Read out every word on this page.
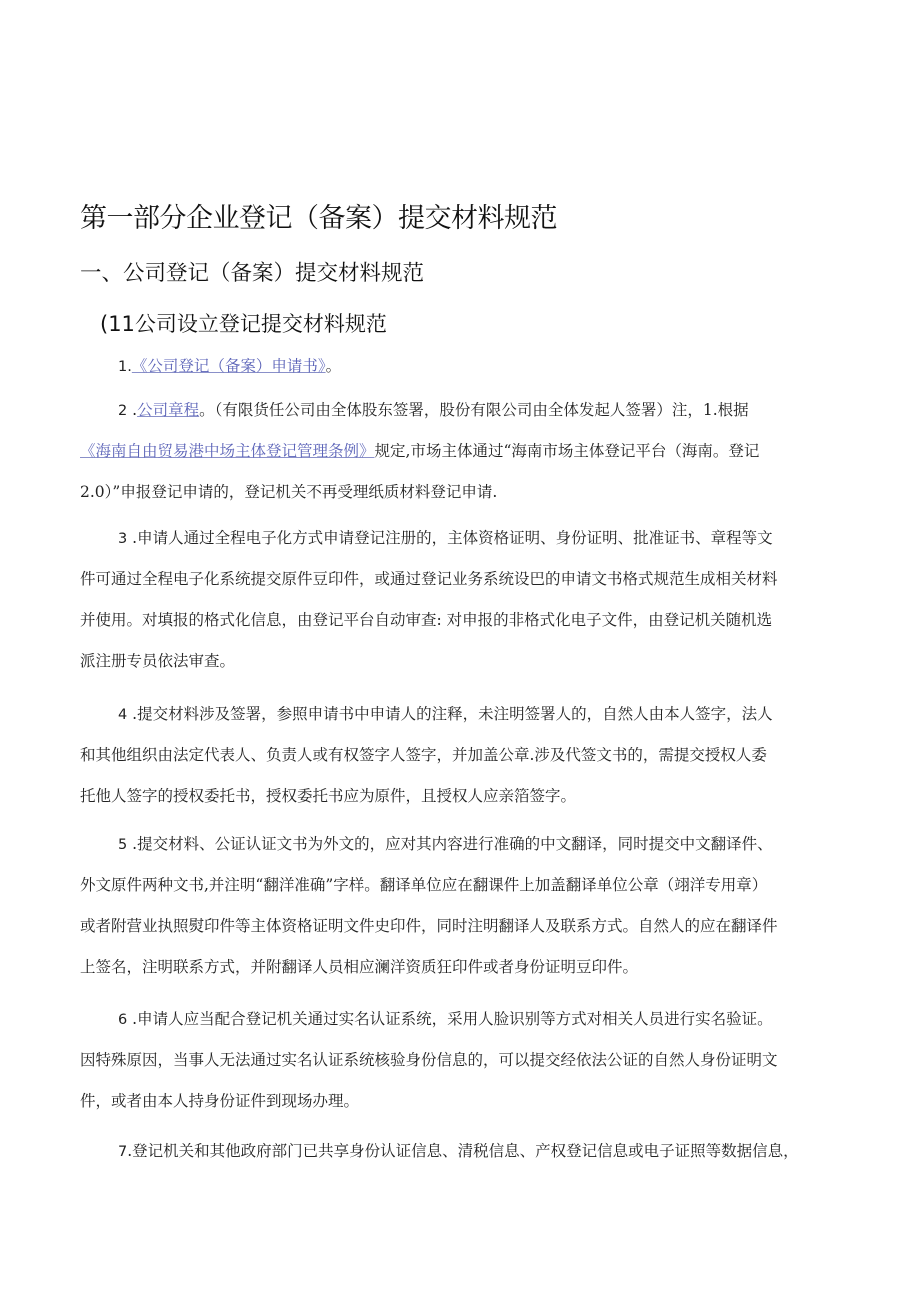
第一部分企业登记（备案）提交材料规范
一、公司登记（备案）提交材料规范
(11公司设立登记提交材料规范
1.《公司登记（备案）申请书》。
2 .公司章程。（有限货任公司由全体股东签署，股份有限公司由全体发起人签署）注，1.根据
《海南自由贸易港中场主体登记管理条例》规定,市场主体通过“海南市场主体登记平台（海南。登记
2.0）”申报登记申请的，登记机关不再受理纸质材料登记申请.
3 .申请人通过全程电子化方式申请登记注册的，主体资格证明、身份证明、批准证书、章程等文
件可通过全程电子化系统提交原件豆印件，或通过登记业务系统设巴的申请文书格式规范生成相关材料
并使用。对填报的格式化信息，由登记平台自动审查: 对申报的非格式化电子文件，由登记机关随机选
派注册专员依法审查。
4 .提交材料涉及签署，参照申请书中申请人的注释，未注明签署人的，自然人由本人签字，法人
和其他组织由法定代表人、负责人或有权签字人签字，并加盖公章.涉及代签文书的，需提交授权人委
托他人签字的授权委托书，授权委托书应为原件，且授权人应亲箔签字。
5 .提交材料、公证认证文书为外文的，应对其内容进行准确的中文翻译，同时提交中文翻译件、
外文原件两种文书,并注明“翻洋准确”字样。翻译单位应在翻课件上加盖翻译单位公章（翊洋专用章）
或者附营业执照熨印件等主体资格证明文件史印件，同时注明翻译人及联系方式。自然人的应在翻译件
上签名，注明联系方式，并附翻译人员相应澜洋资质狂印件或者身份证明豆印件。
6 .申请人应当配合登记机关通过实名认证系统，采用人脸识别等方式对相关人员进行实名验证。
因特殊原因，当事人无法通过实名认证系统核验身份信息的，可以提交经依法公证的自然人身份证明文
件，或者由本人持身份证件到现场办理。
7.登记机关和其他政府部门已共享身份认证信息、清税信息、产权登记信息或电子证照等数据信息，
